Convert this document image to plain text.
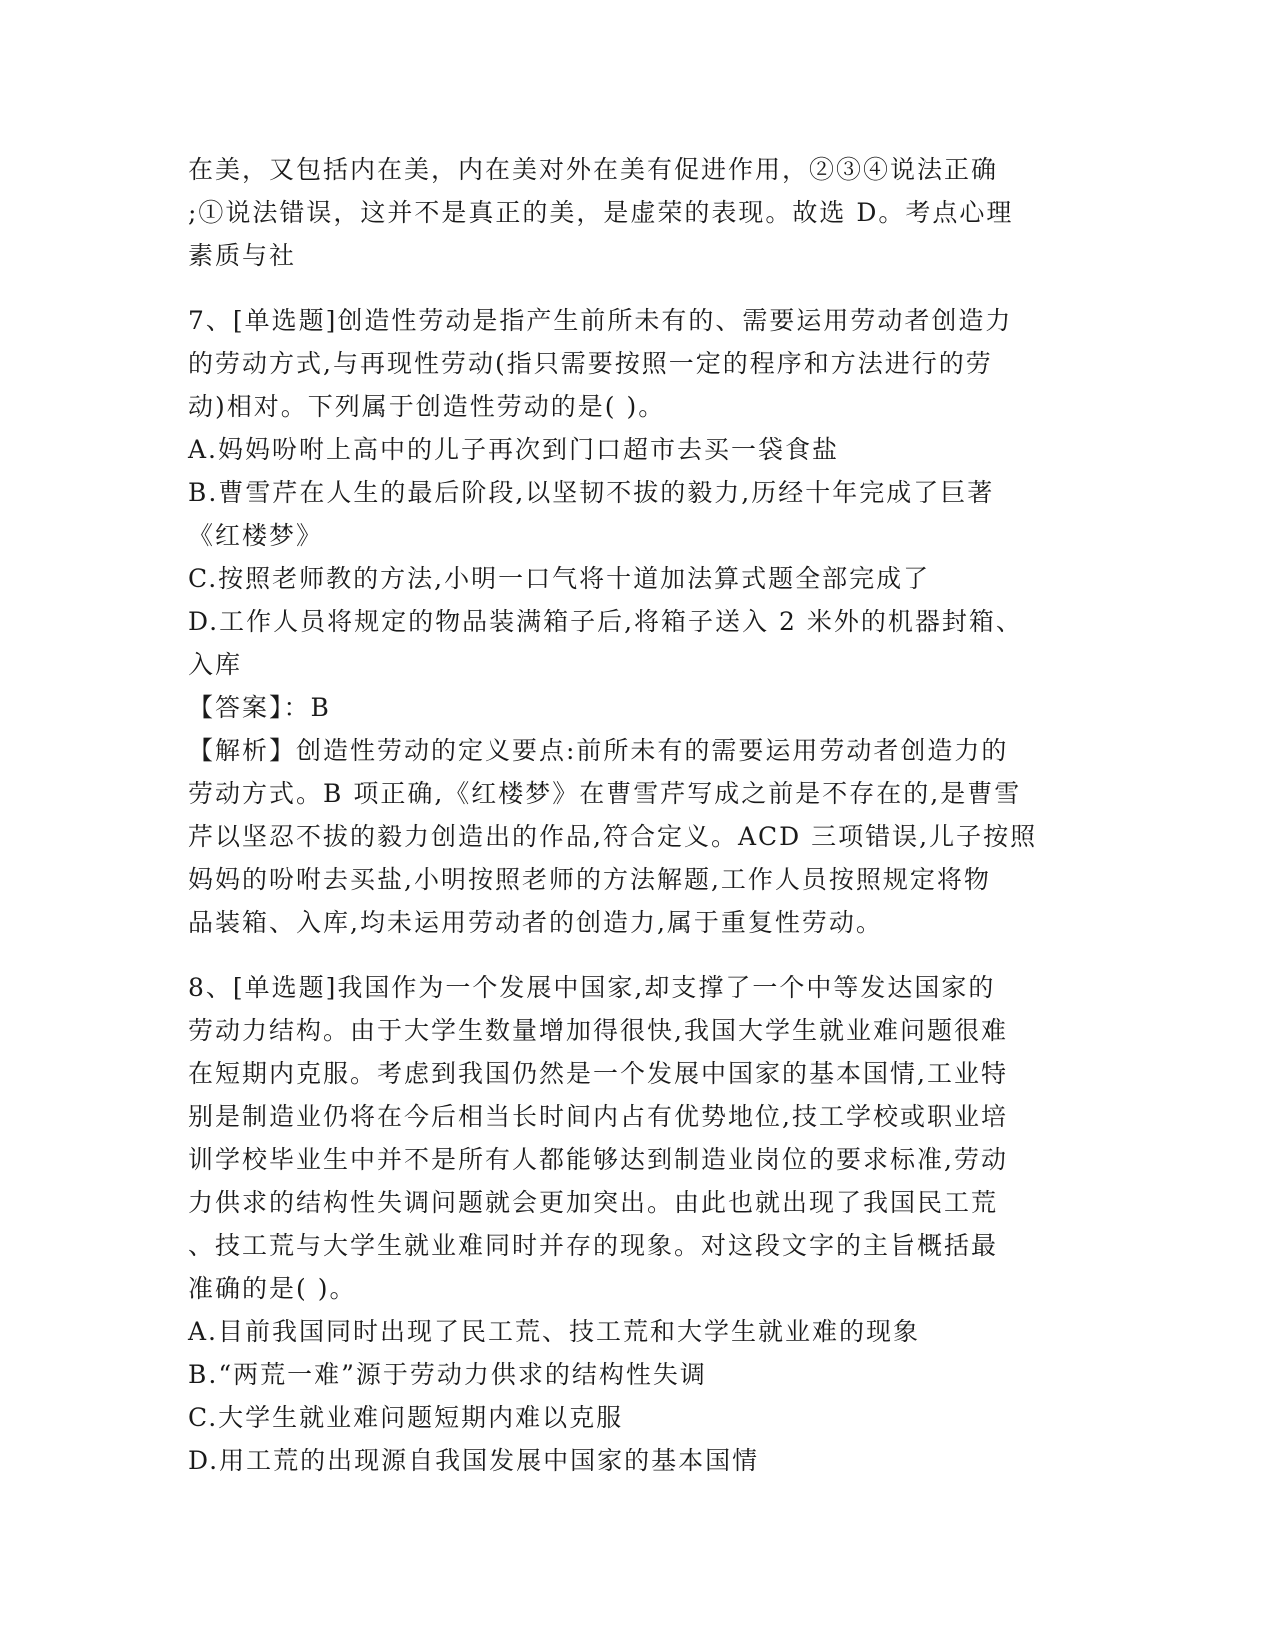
在美，又包括内在美，内在美对外在美有促进作用，②③④说法正确
;①说法错误，这并不是真正的美，是虚荣的表现。故选 D。考点心理
素质与社
7、[单选题]创造性劳动是指产生前所未有的、需要运用劳动者创造力
的劳动方式,与再现性劳动(指只需要按照一定的程序和方法进行的劳
动)相对。下列属于创造性劳动的是( )。
A.妈妈吩咐上高中的儿子再次到门口超市去买一袋食盐
B.曹雪芹在人生的最后阶段,以坚韧不拔的毅力,历经十年完成了巨著
《红楼梦》
C.按照老师教的方法,小明一口气将十道加法算式题全部完成了
D.工作人员将规定的物品装满箱子后,将箱子送入 2 米外的机器封箱、
入库
【答案】：B
【解析】创造性劳动的定义要点:前所未有的需要运用劳动者创造力的
劳动方式。B 项正确,《红楼梦》在曹雪芹写成之前是不存在的,是曹雪
芹以坚忍不拔的毅力创造出的作品,符合定义。ACD 三项错误,儿子按照
妈妈的吩咐去买盐,小明按照老师的方法解题,工作人员按照规定将物
品装箱、入库,均未运用劳动者的创造力,属于重复性劳动。
8、[单选题]我国作为一个发展中国家,却支撑了一个中等发达国家的
劳动力结构。由于大学生数量增加得很快,我国大学生就业难问题很难
在短期内克服。考虑到我国仍然是一个发展中国家的基本国情,工业特
别是制造业仍将在今后相当长时间内占有优势地位,技工学校或职业培
训学校毕业生中并不是所有人都能够达到制造业岗位的要求标准,劳动
力供求的结构性失调问题就会更加突出。由此也就出现了我国民工荒
、技工荒与大学生就业难同时并存的现象。对这段文字的主旨概括最
准确的是( )。
A.目前我国同时出现了民工荒、技工荒和大学生就业难的现象
B.“两荒一难”源于劳动力供求的结构性失调
C.大学生就业难问题短期内难以克服
D.用工荒的出现源自我国发展中国家的基本国情
